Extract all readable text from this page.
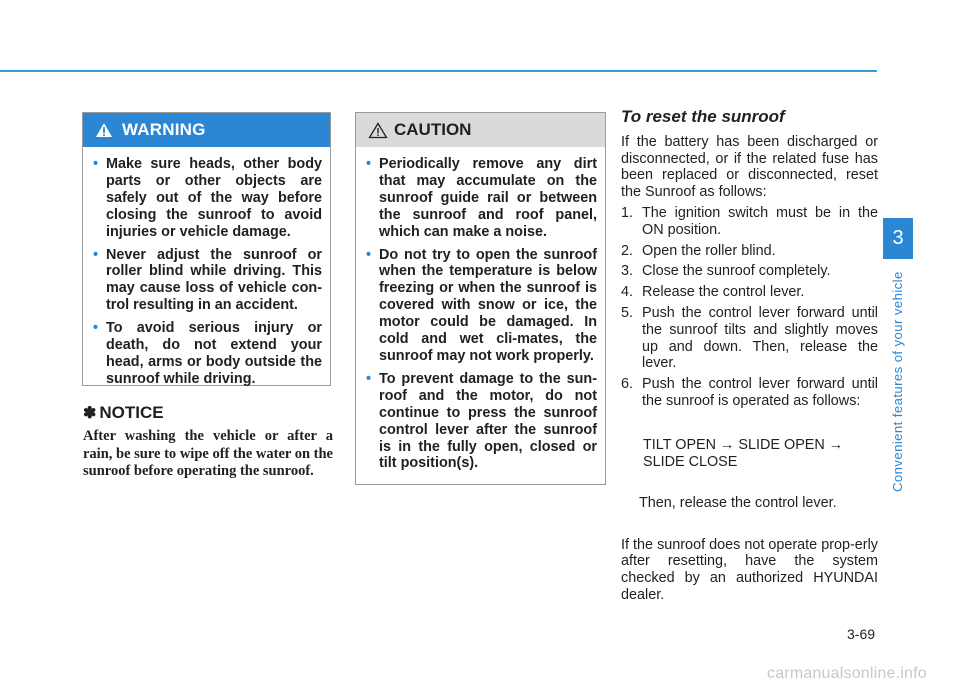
WARNING
• Make sure heads, other body parts or other objects are safely out of the way before closing the sunroof to avoid injuries or vehicle damage.
• Never adjust the sunroof or roller blind while driving. This may cause loss of vehicle con-trol resulting in an accident.
• To avoid serious injury or death, do not extend your head, arms or body outside the sunroof while driving.
✽ NOTICE
After washing the vehicle or after a rain, be sure to wipe off the water on the sunroof before operating the sunroof.
CAUTION
• Periodically remove any dirt that may accumulate on the sunroof guide rail or between the sunroof and roof panel, which can make a noise.
• Do not try to open the sunroof when the temperature is below freezing or when the sunroof is covered with snow or ice, the motor could be damaged. In cold and wet cli-mates, the sunroof may not work properly.
• To prevent damage to the sun-roof and the motor, do not continue to press the sunroof control lever after the sunroof is in the fully open, closed or tilt position(s).
To reset the sunroof
If the battery has been discharged or disconnected, or if the related fuse has been replaced or disconnected, reset the Sunroof as follows:
1. The ignition switch must be in the ON position.
2. Open the roller blind.
3. Close the sunroof completely.
4. Release the control lever.
5. Push the control lever forward until the sunroof tilts and slightly moves up and down. Then, release the lever.
6. Push the control lever forward until the sunroof is operated as follows:
TILT OPEN → SLIDE OPEN →
SLIDE CLOSE
Then, release the control lever.
If the sunroof does not operate prop-erly after resetting, have the system checked by an authorized HYUNDAI dealer.
3
Convenient features of your vehicle
3-69
carmanualsonline.info
